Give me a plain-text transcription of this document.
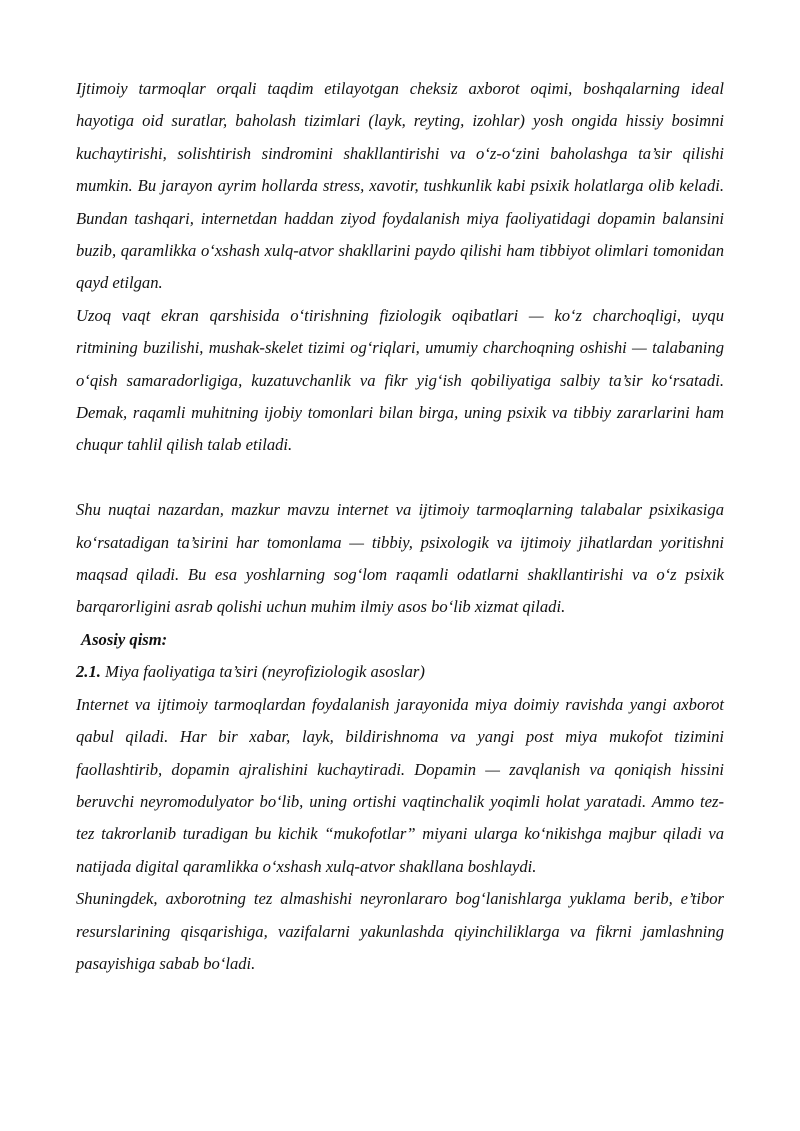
Ijtimoiy tarmoqlar orqali taqdim etilayotgan cheksiz axborot oqimi, boshqalarning ideal hayotiga oid suratlar, baholash tizimlari (layk, reyting, izohlar) yosh ongida hissiy bosimni kuchaytirishi, solishtirish sindromini shakllantirishi va o‘z-o‘zini baholashga ta’sir qilishi mumkin. Bu jarayon ayrim hollarda stress, xavotir, tushkunlik kabi psixik holatlarga olib keladi. Bundan tashqari, internetdan haddan ziyod foydalanish miya faoliyatidagi dopamin balansini buzib, qaramlikka o‘xshash xulq-atvor shakllarini paydo qilishi ham tibbiyot olimlari tomonidan qayd etilgan.

Uzoq vaqt ekran qarshisida o‘tirishning fiziologik oqibatlari — ko‘z charchoqligi, uyqu ritmining buzilishi, mushak-skelet tizimi og‘riqlari, umumiy charchoqning oshishi — talabaning o‘qish samaradorligiga, kuzatuvchanlik va fikr yig‘ish qobiliyatiga salbiy ta’sir ko‘rsatadi. Demak, raqamli muhitning ijobiy tomonlari bilan birga, uning psixik va tibbiy zararlarini ham chuqur tahlil qilish talab etiladi.

Shu nuqtai nazardan, mazkur mavzu internet va ijtimoiy tarmoqlarning talabalar psixikasiga ko‘rsatadigan ta’sirini har tomonlama — tibbiy, psixologik va ijtimoiy jihatlardan yoritishni maqsad qiladi. Bu esa yoshlarning sog‘lom raqamli odatlarni shakllantirishi va o‘z psixik barqarorligini asrab qolishi uchun muhim ilmiy asos bo‘lib xizmat qiladi.

Asosiy qism:

2.1. Miya faoliyatiga ta’siri (neyrofiziologik asoslar)

Internet va ijtimoiy tarmoqlardan foydalanish jarayonida miya doimiy ravishda yangi axborot qabul qiladi. Har bir xabar, layk, bildirishnoma va yangi post miya mukofot tizimini faollashtirib, dopamin ajralishini kuchaytiradi. Dopamin — zavqlanish va qoniqish hissini beruvchi neyromodulyator bo‘lib, uning ortishi vaqtinchalik yoqimli holat yaratadi. Ammo tez-tez takrorlanib turadigan bu kichik “mukofotlar” miyani ularga ko‘nikishga majbur qiladi va natijada digital qaramlikka o‘xshash xulq-atvor shakllana boshlaydi.

Shuningdek, axborotning tez almashishi neyronlararo bog‘lanishlarga yuklama berib, e’tibor resurslarining qisqarishiga, vazifalarni yakunlashda qiyinchiliklarga va fikrni jamlashning pasayishiga sabab bo‘ladi.
